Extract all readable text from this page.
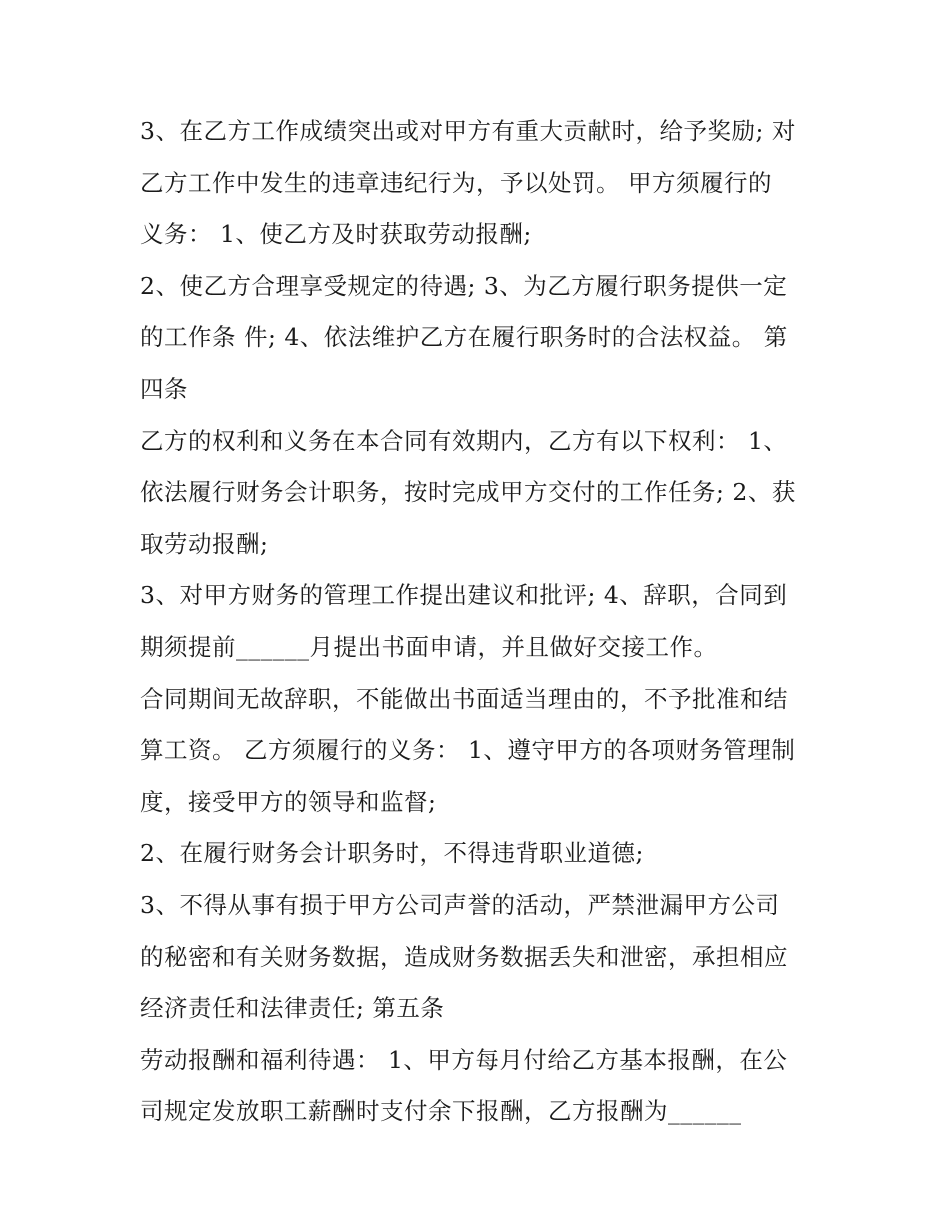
3、在乙方工作成绩突出或对甲方有重大贡献时，给予奖励; 对
乙方工作中发生的违章违纪行为，予以处罚。 甲方须履行的
义务： 1、使乙方及时获取劳动报酬;
2、使乙方合理享受规定的待遇; 3、为乙方履行职务提供一定
的工作条 件; 4、依法维护乙方在履行职务时的合法权益。 第
四条
乙方的权利和义务在本合同有效期内，乙方有以下权利： 1、
依法履行财务会计职务，按时完成甲方交付的工作任务; 2、获
取劳动报酬;
3、对甲方财务的管理工作提出建议和批评; 4、辞职，合同到
期须提前______月提出书面申请，并且做好交接工作。
合同期间无故辞职，不能做出书面适当理由的，不予批准和结
算工资。 乙方须履行的义务： 1、遵守甲方的各项财务管理制
度，接受甲方的领导和监督;
2、在履行财务会计职务时，不得违背职业道德;
3、不得从事有损于甲方公司声誉的活动，严禁泄漏甲方公司
的秘密和有关财务数据，造成财务数据丢失和泄密，承担相应
经济责任和法律责任; 第五条
劳动报酬和福利待遇： 1、甲方每月付给乙方基本报酬，在公
司规定发放职工薪酬时支付余下报酬，乙方报酬为______
